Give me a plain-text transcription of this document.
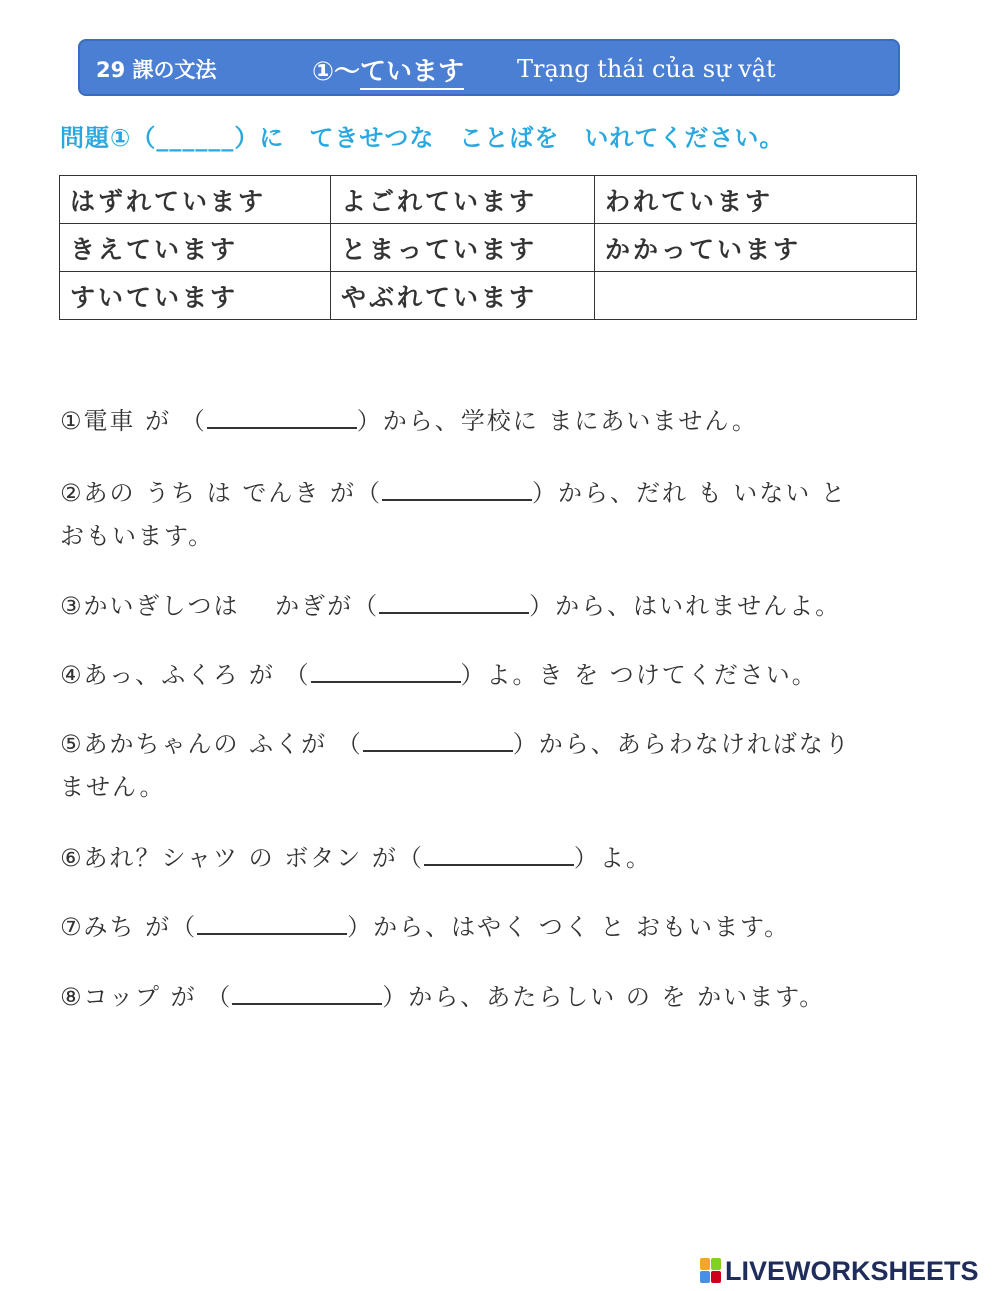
29 課の文法	①～ています Trạng thái của sự vật
問題①（______）に　てきせつな　ことばを　いれてください。
はずれています	よごれています	われています
きえています	とまっています	かかっています
すいています	やぶれています	
①電車 が （	）から、学校に まにあいません。
②あの うち は でんき が（	）から、だれ も いない と
おもいます。
③かいぎしつは　 かぎが（	）から、はいれませんよ。
④あっ、ふくろ が （	）よ。き を つけてください。
⑤あかちゃんの ふくが （	）から、あらわなければなり
ません。
⑥あれ？シャツ の ボタン が（	）よ。
⑦みち が（	）から、はやく つく と おもいます。
⑧コップ が （	）から、あたらしい の を かいます。
LIVEWORKSHEETS
